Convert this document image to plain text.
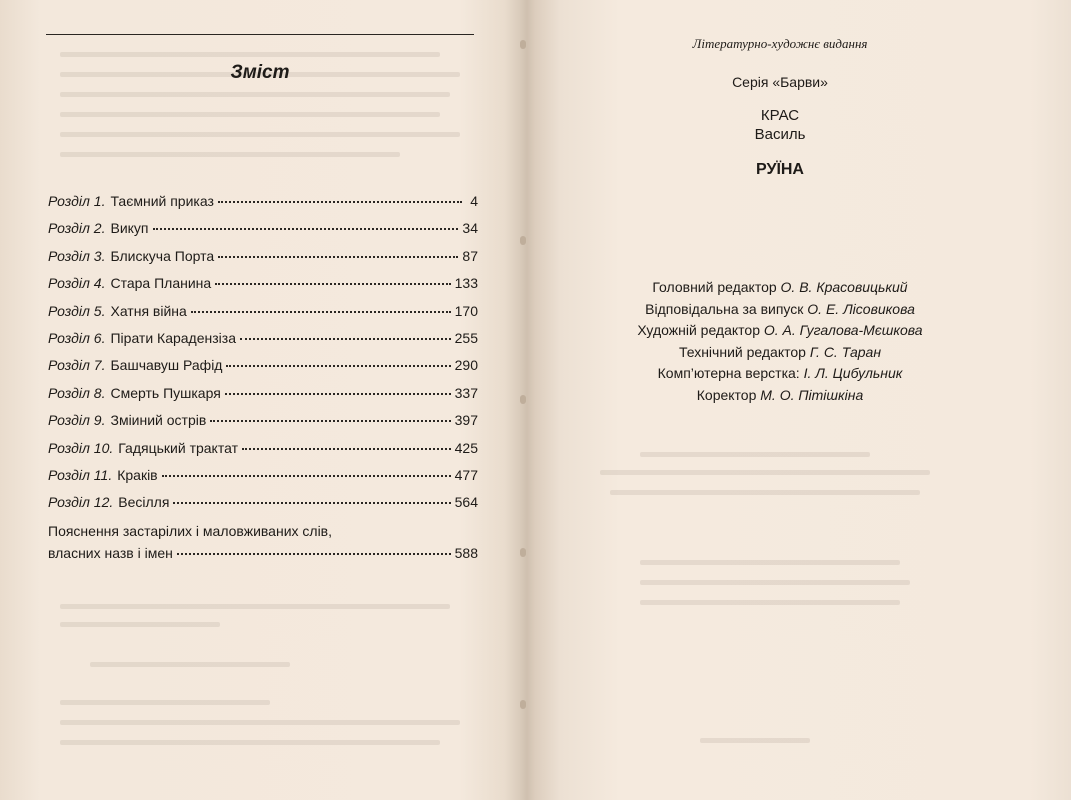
Зміст
Розділ 1. Таємний приказ	4
Розділ 2. Викуп	34
Розділ 3. Блискуча Порта	87
Розділ 4. Стара Планина	133
Розділ 5. Хатня війна	170
Розділ 6. Пірати Карадензіза	255
Розділ 7. Башчавуш Рафід	290
Розділ 8. Смерть Пушкаря	337
Розділ 9. Зміиний острів	397
Розділ 10. Гадяцький трактат	425
Розділ 11. Краків	477
Розділ 12. Весілля	564
Пояснення застарілих і маловживаних слів,
власних назв і імен	588
Літературно-художнє видання
Серія «Барви»
КРАС
Василь
РУЇНА
Головний редактор О. В. Красовицький
Відповідальна за випуск О. Е. Лісовикова
Художній редактор О. А. Гугалова-Мєшкова
Технічний редактор Г. С. Таран
Комп’ютерна верстка: І. Л. Цибульник
Коректор М. О. Пітішкіна
